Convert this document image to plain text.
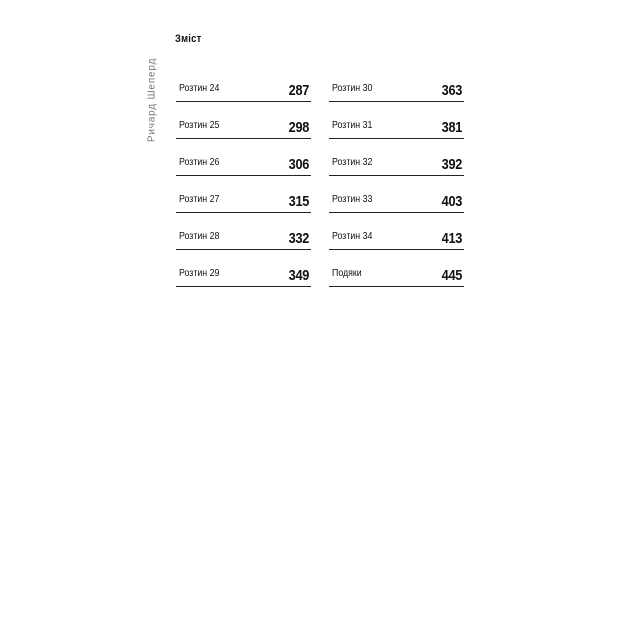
Зміст
Ричард Шеперд Розтин 24	287
Розтин 25	298
Розтин 26	306
Розтин 27	315
Розтин 28	332
Розтин 29	349
Розтин 30	363
Розтин 31	381
Розтин 32	392
Розтин 33	403
Розтин 34	413
Подяки	445
